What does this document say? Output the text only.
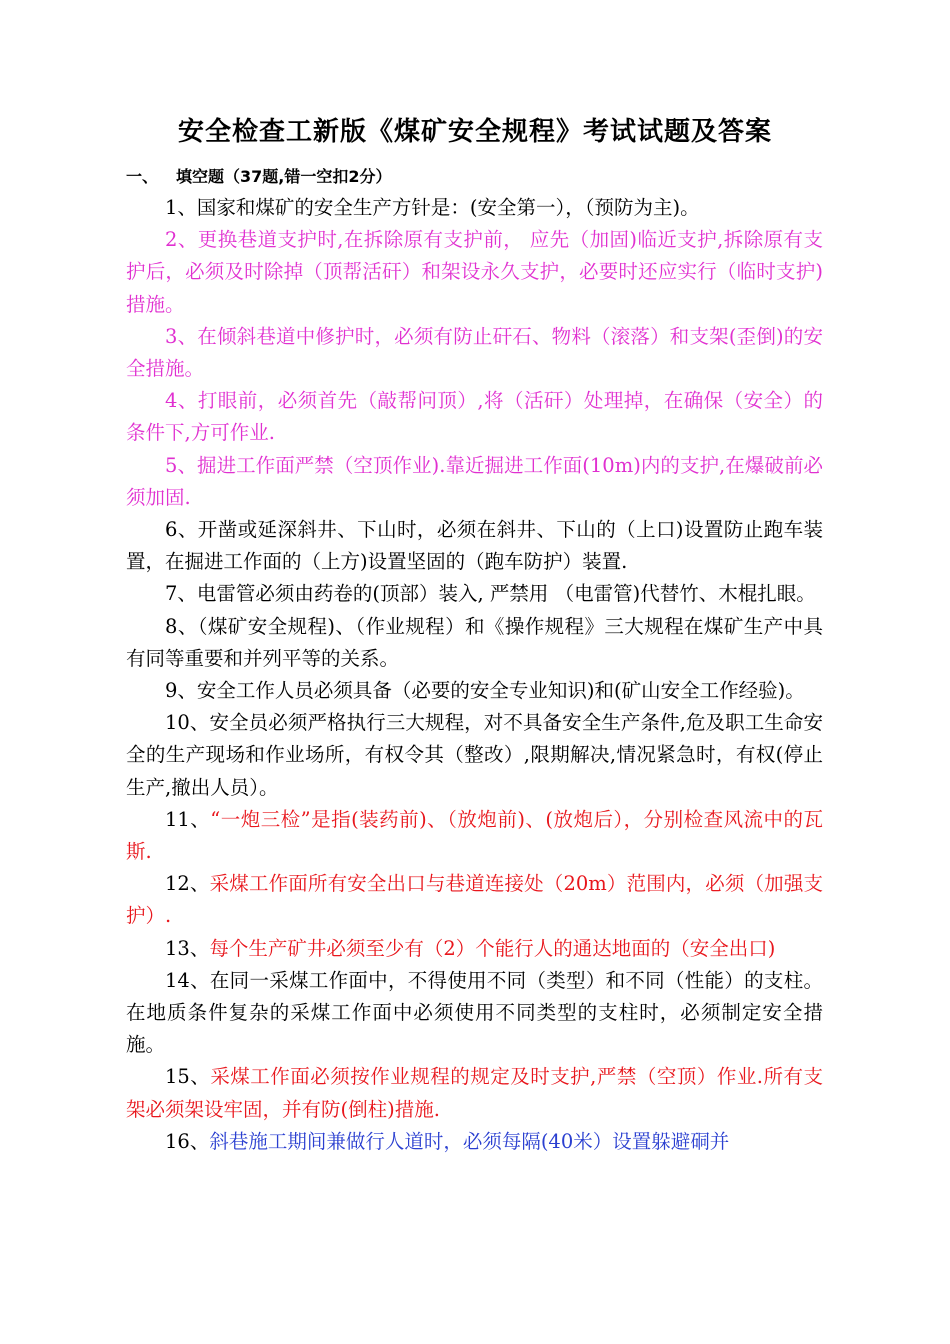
安全检查工新版《煤矿安全规程》考试试题及答案
一、 填空题（37题,错一空扣2分）

1、国家和煤矿的安全生产方针是：(安全第一），（预防为主)。

2、更换巷道支护时,在拆除原有支护前， 应先（加固)临近支护,拆除原有支护后，必须及时除掉（顶帮活矸）和架设永久支护，必要时还应实行（临时支护)措施。

3、在倾斜巷道中修护时，必须有防止矸石、物料（滚落）和支架(歪倒)的安全措施。

4、打眼前，必须首先（敲帮问顶）,将（活矸）处理掉，在确保（安全）的条件下,方可作业.

5、掘进工作面严禁（空顶作业).靠近掘进工作面(10m)内的支护,在爆破前必须加固.

6、开凿或延深斜井、下山时，必须在斜井、下山的（上口)设置防止跑车装置，在掘进工作面的（上方)设置坚固的（跑车防护）装置.

7、电雷管必须由药卷的(顶部）装入, 严禁用 （电雷管)代替竹、木棍扎眼。

8、（煤矿安全规程)、（作业规程）和《操作规程》三大规程在煤矿生产中具有同等重要和并列平等的关系。

9、安全工作人员必须具备（必要的安全专业知识)和(矿山安全工作经验)。

10、安全员必须严格执行三大规程，对不具备安全生产条件,危及职工生命安全的生产现场和作业场所，有权令其（整改）,限期解决,情况紧急时，有权(停止生产,撤出人员）。

11、“一炮三检”是指(装药前)、（放炮前)、(放炮后），分别检查风流中的瓦斯.

12、采煤工作面所有安全出口与巷道连接处（20m）范围内，必须（加强支护）.

13、每个生产矿井必须至少有（2）个能行人的通达地面的（安全出口)

14、在同一采煤工作面中，不得使用不同（类型）和不同（性能）的支柱。在地质条件复杂的采煤工作面中必须使用不同类型的支柱时，必须制定安全措施。

15、采煤工作面必须按作业规程的规定及时支护,严禁（空顶）作业.所有支架必须架设牢固，并有防(倒柱)措施.

16、斜巷施工期间兼做行人道时，必须每隔(40米）设置躲避硐并
